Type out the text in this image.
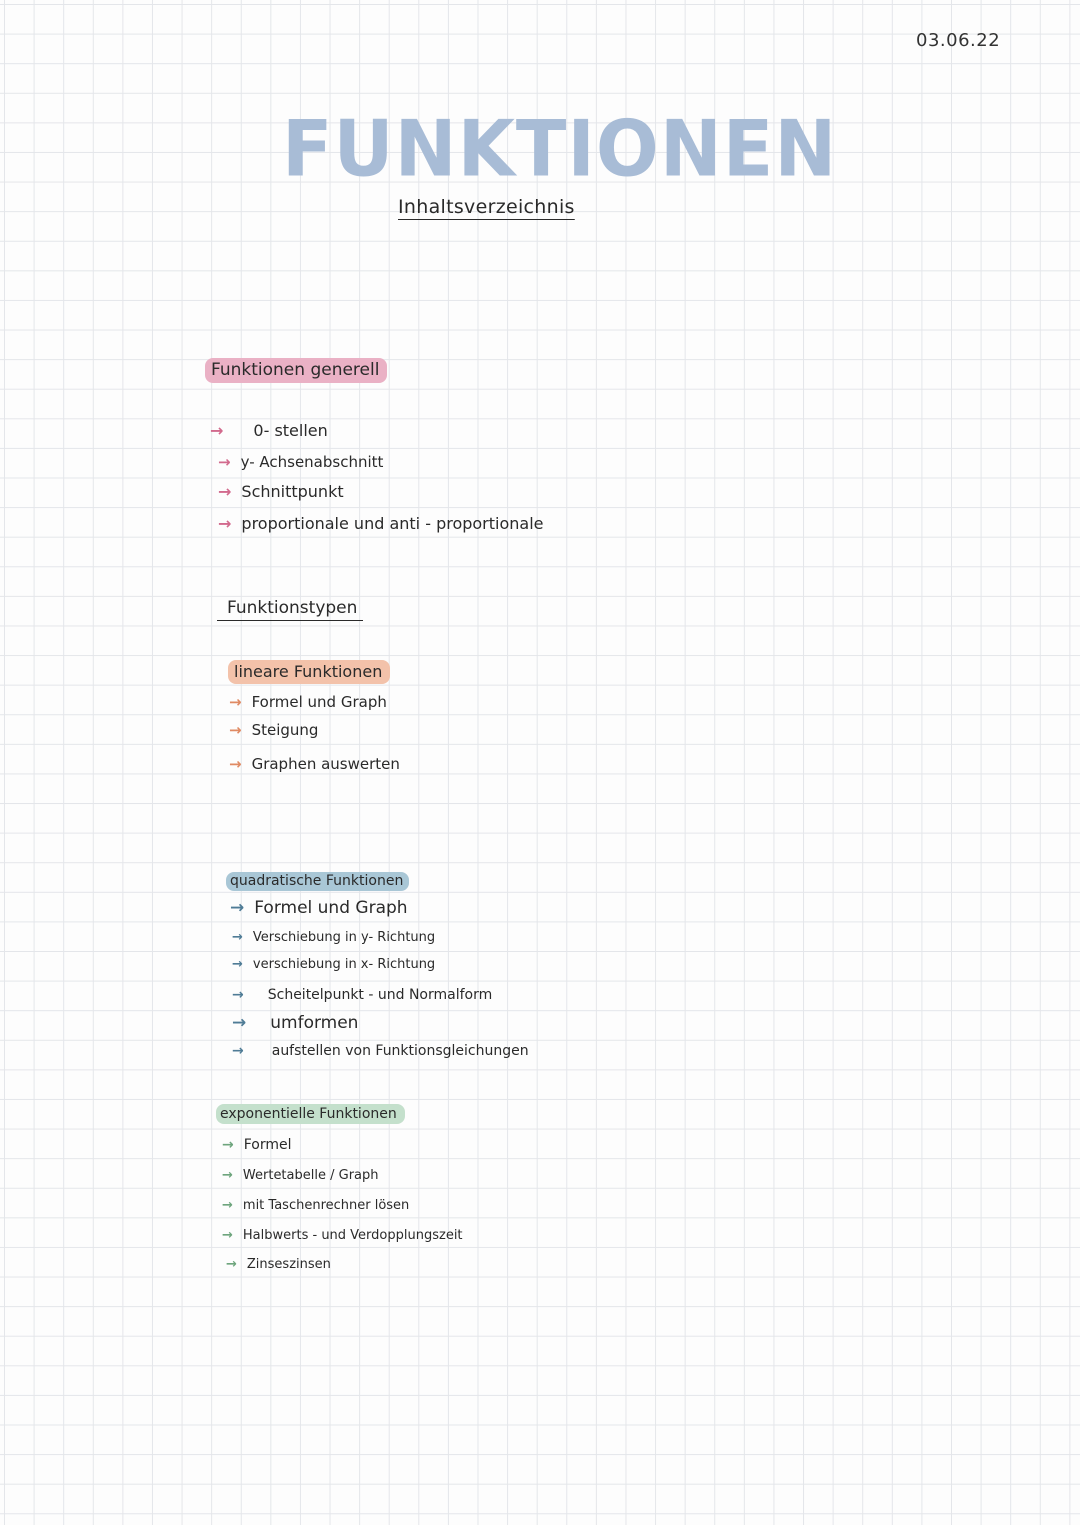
03.06.22
FUNKTIONEN
Inhaltsverzeichnis
Funktionen generell
→ 0- stellen
→ y- Achsenabschnitt
→ Schnittpunkt
→ proportionale und anti - proportionale
Funktionstypen
lineare Funktionen
→ Formel und Graph
→ Steigung
→ Graphen auswerten
quadratische Funktionen
→ Formel und Graph
→ Verschiebung in y- Richtung
→ verschiebung in x- Richtung
→ Scheitelpunkt - und Normalform
→ umformen
→ aufstellen von Funktionsgleichungen
exponentielle Funktionen
→ Formel
→ Wertetabelle / Graph
→ mit Taschenrechner lösen
→ Halbwerts - und Verdopplungszeit
→ Zinseszinsen
